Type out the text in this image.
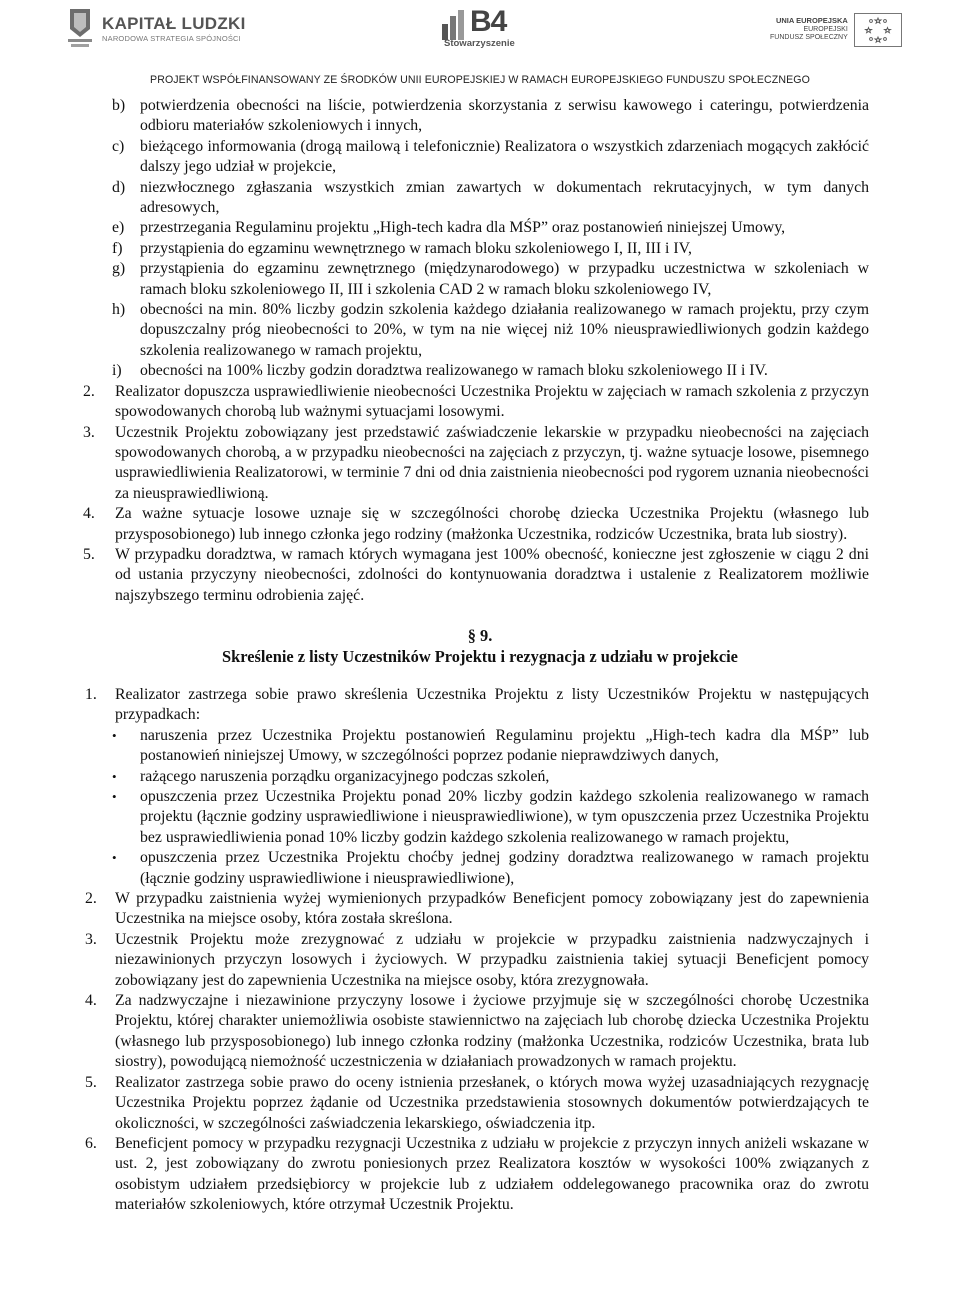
KAPITAŁ LUDZKI
NARODOWA STRATEGIA SPÓJNOŚCI
B4
Stowarzyszenie
UNIA EUROPEJSKA
EUROPEJSKI
FUNDUSZ SPOŁECZNY
PROJEKT WSPÓŁFINANSOWANY ZE ŚRODKÓW UNII EUROPEJSKIEJ W RAMACH EUROPEJSKIEGO FUNDUSZU SPOŁECZNEGO
b) potwierdzenia obecności na liście, potwierdzenia skorzystania z serwisu kawowego i cateringu, potwierdzenia odbioru materiałów szkoleniowych i innych,
c) bieżącego informowania (drogą mailową i telefonicznie) Realizatora o wszystkich zdarzeniach mogących zakłócić dalszy jego udział w projekcie,
d) niezwłocznego zgłaszania wszystkich zmian zawartych w dokumentach rekrutacyjnych, w tym danych adresowych,
e) przestrzegania Regulaminu projektu „High-tech kadra dla MŚP” oraz postanowień niniejszej Umowy,
f) przystąpienia do egzaminu wewnętrznego w ramach bloku szkoleniowego I, II, III i IV,
g) przystąpienia do egzaminu zewnętrznego (międzynarodowego) w przypadku uczestnictwa w szkoleniach w ramach bloku szkoleniowego II, III i szkolenia CAD 2 w ramach bloku szkoleniowego IV,
h) obecności na min. 80% liczby godzin szkolenia każdego działania realizowanego w ramach projektu, przy czym dopuszczalny próg nieobecności to 20%, w tym na nie więcej niż 10% nieusprawiedliwionych godzin każdego szkolenia realizowanego w ramach projektu,
i) obecności na 100% liczby godzin doradztwa realizowanego w ramach bloku szkoleniowego II i IV.
2. Realizator dopuszcza usprawiedliwienie nieobecności Uczestnika Projektu w zajęciach w ramach szkolenia z przyczyn spowodowanych chorobą lub ważnymi sytuacjami losowymi.
3. Uczestnik Projektu zobowiązany jest przedstawić zaświadczenie lekarskie w przypadku nieobecności na zajęciach spowodowanych chorobą, a w przypadku nieobecności na zajęciach z przyczyn, tj. ważne sytuacje losowe, pisemnego usprawiedliwienia Realizatorowi, w terminie 7 dni od dnia zaistnienia nieobecności pod rygorem uznania nieobecności za nieusprawiedliwioną.
4. Za ważne sytuacje losowe uznaje się w szczególności chorobę dziecka Uczestnika Projektu (własnego lub przysposobionego) lub innego członka jego rodziny (małżonka Uczestnika, rodziców Uczestnika, brata lub siostry).
5. W przypadku doradztwa, w ramach których wymagana jest 100% obecność, konieczne jest zgłoszenie w ciągu 2 dni od ustania przyczyny nieobecności, zdolności do kontynuowania doradztwa i ustalenie z Realizatorem możliwie najszybszego terminu odrobienia zajęć.
§ 9.
Skreślenie z listy Uczestników Projektu i rezygnacja z udziału w projekcie
1. Realizator zastrzega sobie prawo skreślenia Uczestnika Projektu z listy Uczestników Projektu w następujących przypadkach:
• naruszenia przez Uczestnika Projektu postanowień Regulaminu projektu „High-tech kadra dla MŚP” lub postanowień niniejszej Umowy, w szczególności poprzez podanie nieprawdziwych danych,
• rażącego naruszenia porządku organizacyjnego podczas szkoleń,
• opuszczenia przez Uczestnika Projektu ponad 20% liczby godzin każdego szkolenia realizowanego w ramach projektu (łącznie godziny usprawiedliwione i nieusprawiedliwione), w tym opuszczenia przez Uczestnika Projektu bez usprawiedliwienia ponad 10% liczby godzin każdego szkolenia realizowanego w ramach projektu,
• opuszczenia przez Uczestnika Projektu choćby jednej godziny doradztwa realizowanego w ramach projektu (łącznie godziny usprawiedliwione i nieusprawiedliwione),
2. W przypadku zaistnienia wyżej wymienionych przypadków Beneficjent pomocy zobowiązany jest do zapewnienia Uczestnika na miejsce osoby, która została skreślona.
3. Uczestnik Projektu może zrezygnować z udziału w projekcie w przypadku zaistnienia nadzwyczajnych i niezawinionych przyczyn losowych i życiowych. W przypadku zaistnienia takiej sytuacji Beneficjent pomocy zobowiązany jest do zapewnienia Uczestnika na miejsce osoby, która zrezygnowała.
4. Za nadzwyczajne i niezawinione przyczyny losowe i życiowe przyjmuje się w szczególności chorobę Uczestnika Projektu, której charakter uniemożliwia osobiste stawiennictwo na zajęciach lub chorobę dziecka Uczestnika Projektu (własnego lub przysposobionego) lub innego członka rodziny (małżonka Uczestnika, rodziców Uczestnika, brata lub siostry), powodującą niemożność uczestniczenia w działaniach prowadzonych w ramach projektu.
5. Realizator zastrzega sobie prawo do oceny istnienia przesłanek, o których mowa wyżej uzasadniających rezygnację Uczestnika Projektu poprzez żądanie od Uczestnika przedstawienia stosownych dokumentów potwierdzających te okoliczności, w szczególności zaświadczenia lekarskiego, oświadczenia itp.
6. Beneficjent pomocy w przypadku rezygnacji Uczestnika z udziału w projekcie z przyczyn innych aniżeli wskazane w ust. 2, jest zobowiązany do zwrotu poniesionych przez Realizatora kosztów w wysokości 100% związanych z osobistym udziałem przedsiębiorcy w projekcie lub z udziałem oddelegowanego pracownika oraz do zwrotu materiałów szkoleniowych, które otrzymał Uczestnik Projektu.
